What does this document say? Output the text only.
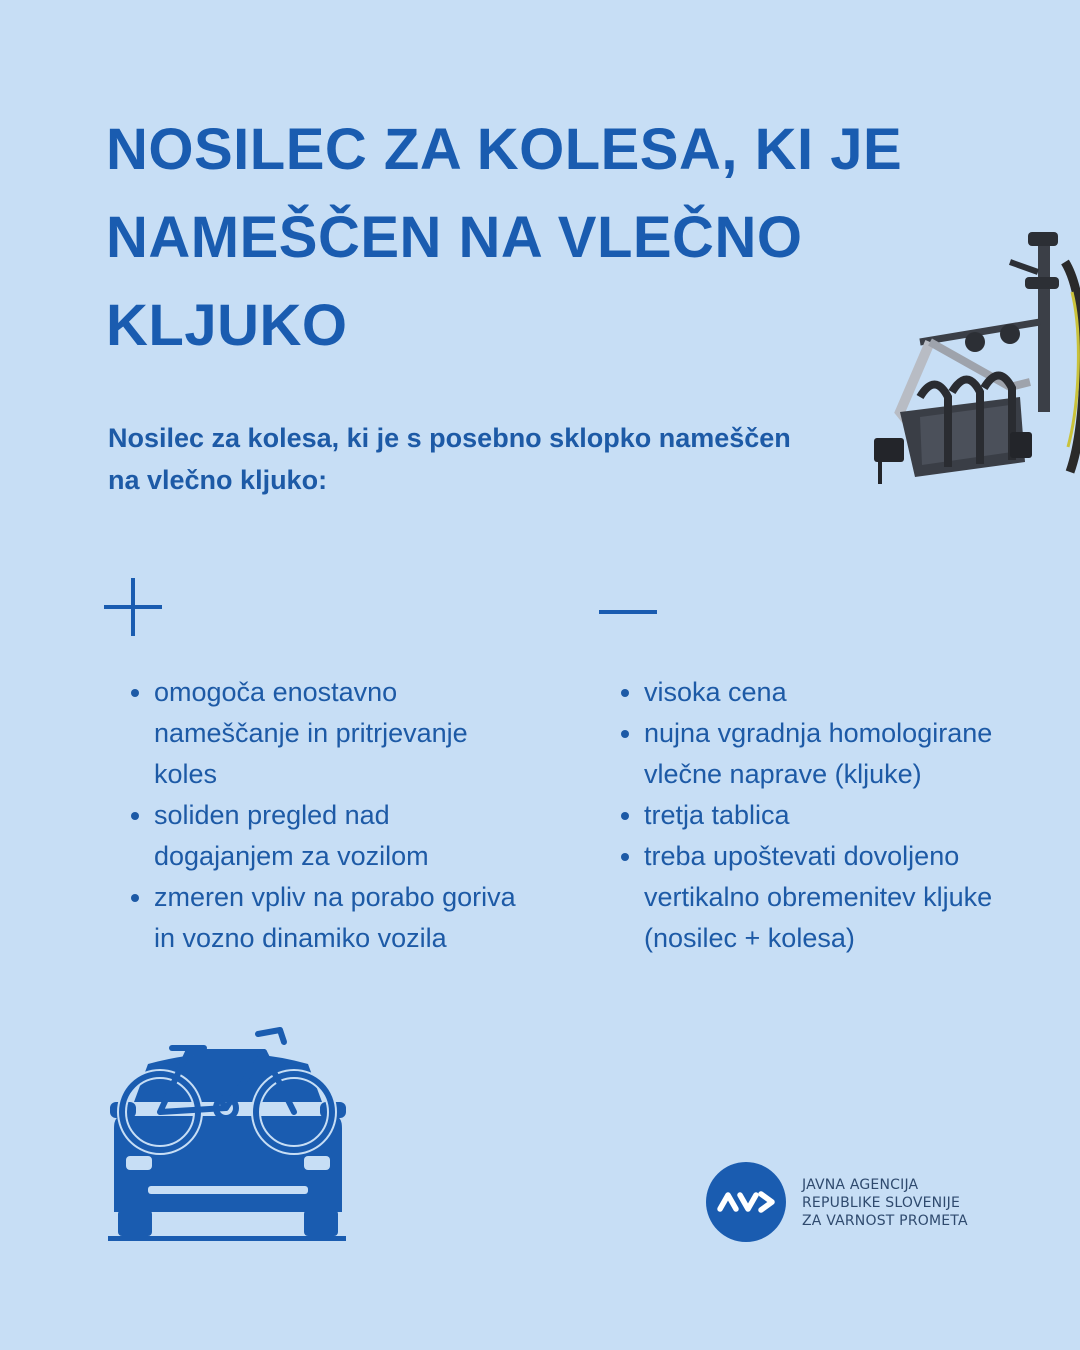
NOSILEC ZA KOLESA, KI JE NAMEŠČEN NA VLEČNO KLJUKO

Nosilec za kolesa, ki je s posebno sklopko nameščen na vlečno kljuko:

omogoča enostavno nameščanje in pritrjevanje koles
soliden pregled nad dogajanjem za vozilom
zmeren vpliv na porabo goriva in vozno dinamiko vozila
visoka cena
nujna vgradnja homologirane vlečne naprave (kljuke)
tretja tablica
treba upoštevati dovoljeno vertikalno obremenitev kljuke (nosilec + kolesa)
JAVNA AGENCIJA
REPUBLIKE SLOVENIJE
ZA VARNOST PROMETA
